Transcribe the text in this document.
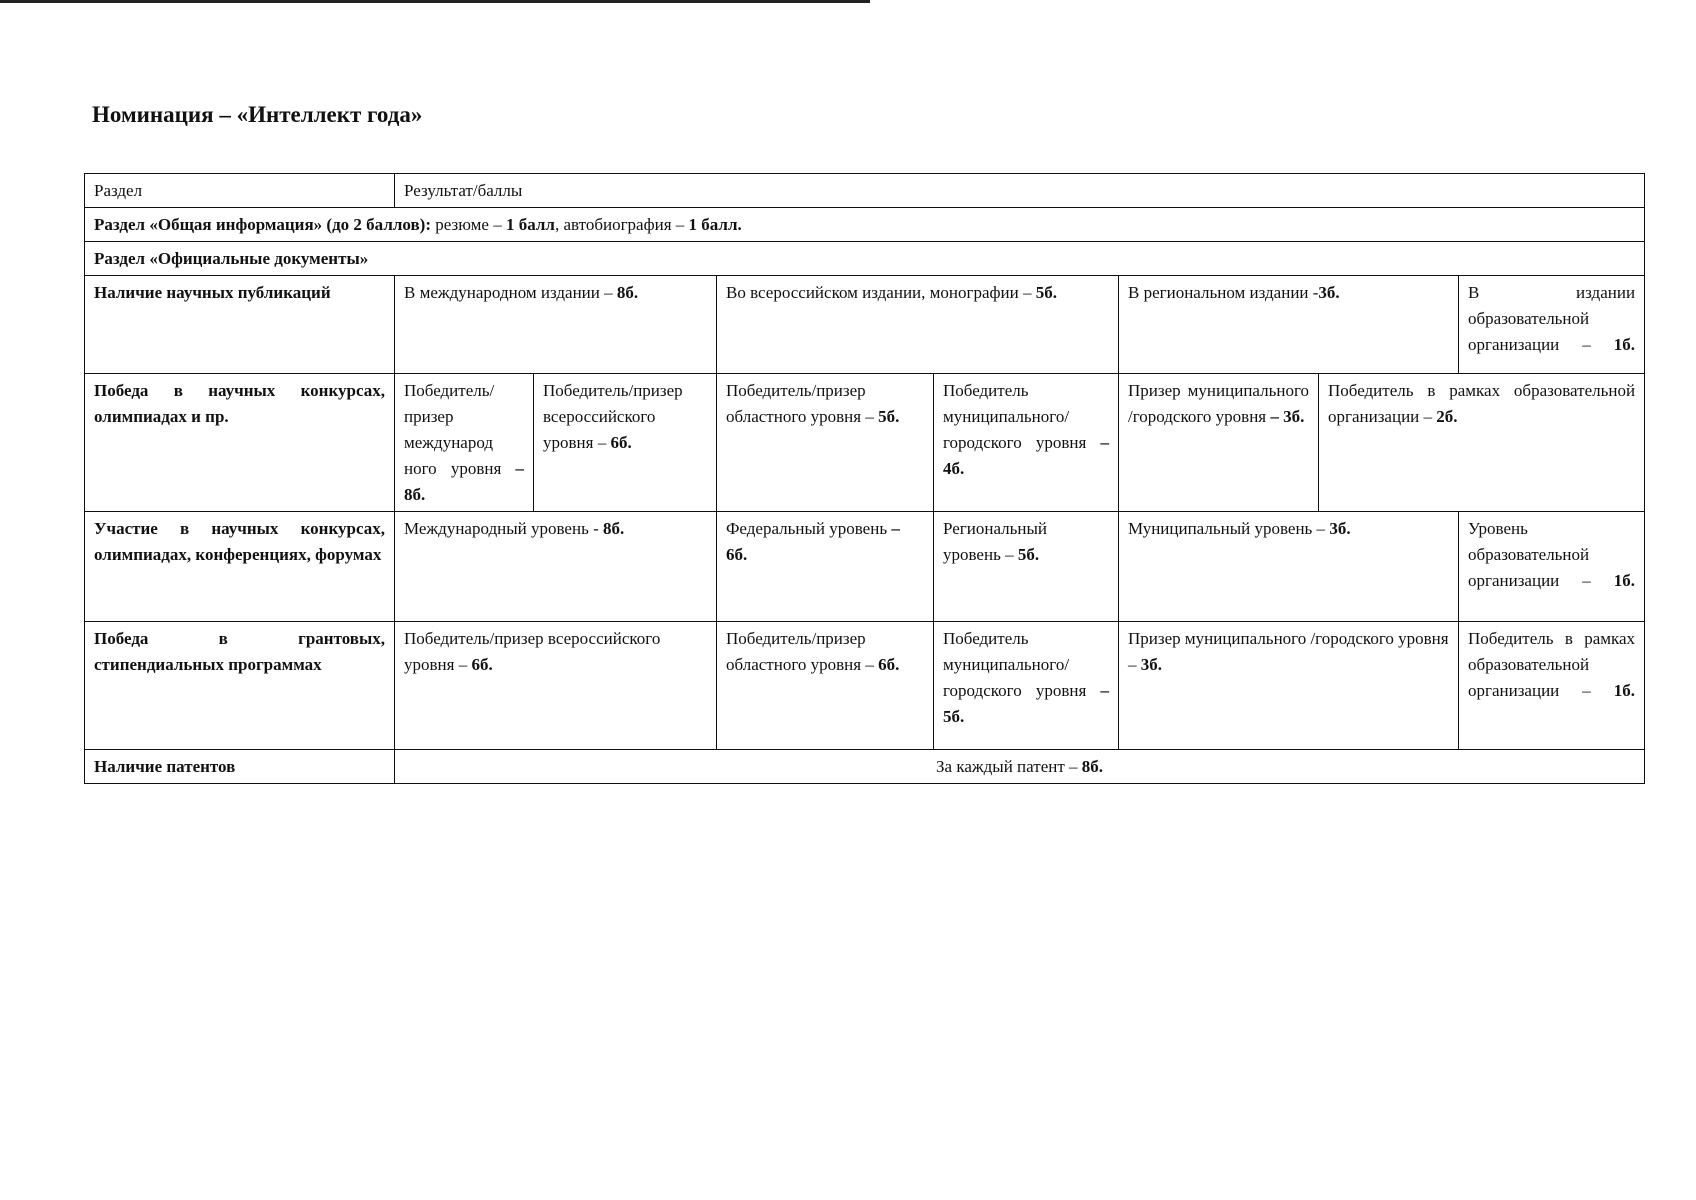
Номинация – «Интеллект года»
Раздел	Результат/баллы						
Раздел «Общая информация» (до 2 баллов): резюме – 1 балл, автобиография – 1 балл.							
Раздел «Официальные документы»							
Наличие научных публикаций	В международном издании – 8б.		Во всероссийском издании, монографии – 5б.		В региональном издании -3б.		В издании образовательной организации – 1б.
Победа в научных конкурсах, олимпиадах и пр.	Победитель/ призер международ ного уровня – 8б.	Победитель/призер всероссийского уровня – 6б.	Победитель/призер областного уровня – 5б.	Победитель муниципального/городского уровня – 4б.	Призер муниципального /городского уровня – 3б.	Победитель в рамках образовательной организации – 2б.	
Участие в научных конкурсах, олимпиадах, конференциях, форумах	Международный уровень - 8б.		Федеральный уровень – 6б.	Региональный уровень – 5б.	Муниципальный уровень – 3б.		Уровень образовательной организации – 1б.
Победа в грантовых, стипендиальных программах	Победитель/призер всероссийского уровня – 6б.		Победитель/призер областного уровня – 6б.	Победитель муниципального/городского уровня – 5б.	Призер муниципального /городского уровня – 3б.		Победитель в рамках образовательной организации – 1б.
Наличие патентов	За каждый патент – 8б.						
